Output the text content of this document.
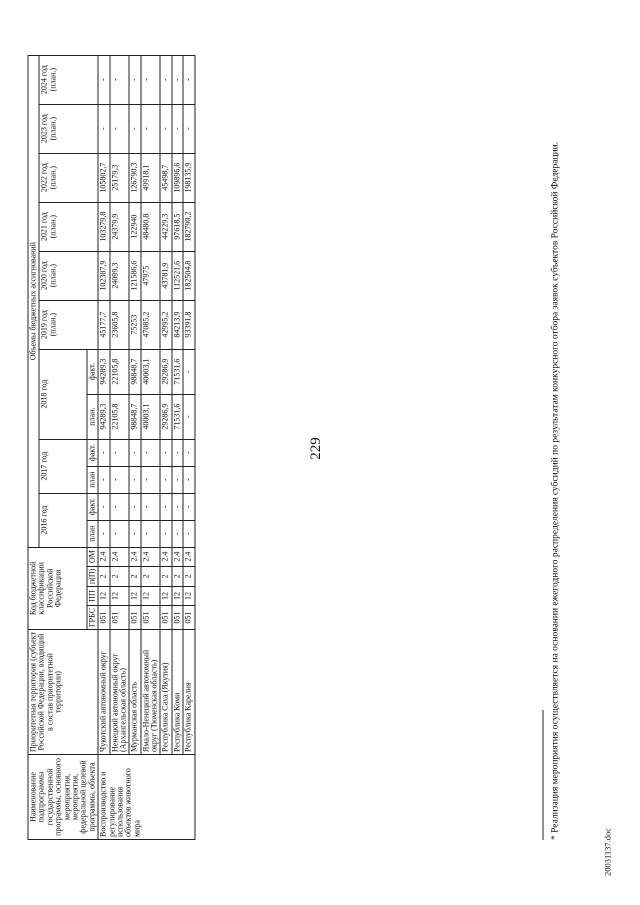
229
Наименование подпрограммы государственной программы, основного мероприятия, мероприятия, федеральной целевой программы, объекта	Приоритетная территория (субъект Российской Федерации, входящий в состав приоритетной территории)	Код бюджетной классификации Российской Федерации				Объемы бюджетных ассигнований											
						2016 год		2017 год		2018 год		2019 год (план.)	2020 год (план.)	2021 год (план.)	2022 год (план.)	2023 год (план.)	2024 год (план.)
		ГРБС	ПП	п(П)	ОМ	план	факт.	план	факт.	план.	факт.						
Воспроизводство и регулирование использования объектов животного мира	Чукотский автономный округ	051	12	2	2.4	-	-	-	-	94289,3	94289,3	45177,7	102387,9	103279,8	105802,7	-	-
	Ненецкий автономный округ (Архангельская область)	051	12	2	2.4	-	-	-	-	22105,8	22105,8	23605,8	24099,3	24379,9	25179,3	-	-
	Мурманская область	051	12	2	2.4	-	-	-	-	98848,7	98848,7	75253	121586,6	122940	126790,3	-	-
	Ямало-Ненецкий автономный округ (Тюменская область)	051	12	2	2.4	-	-	-	-	40003,1	40003,1	47085,2	47975	48480,8	49918,1	-	-
	Республика Саха (Якутия)	051	12	2	2.4	-	-	-	-	29286,9	29286,9	42995,2	43781,9	44229,3	45498,7	-	-
	Республика Коми	051	12	2	2.4	-	-	-	-	71531,6	71531,6	84213,9	112521,6	97618,5	109896,6	-	-
	Республика Карелия	051	12	2	2.4	-	-	-	-	-	-	93391,8	182504,8	182790,2	198135,9	-	-
* Реализация мероприятия осуществляется на основании ежегодного распределения субсидий по результатам конкурсного отбора заявок субъектов Российской Федерации.
20031137.doc
